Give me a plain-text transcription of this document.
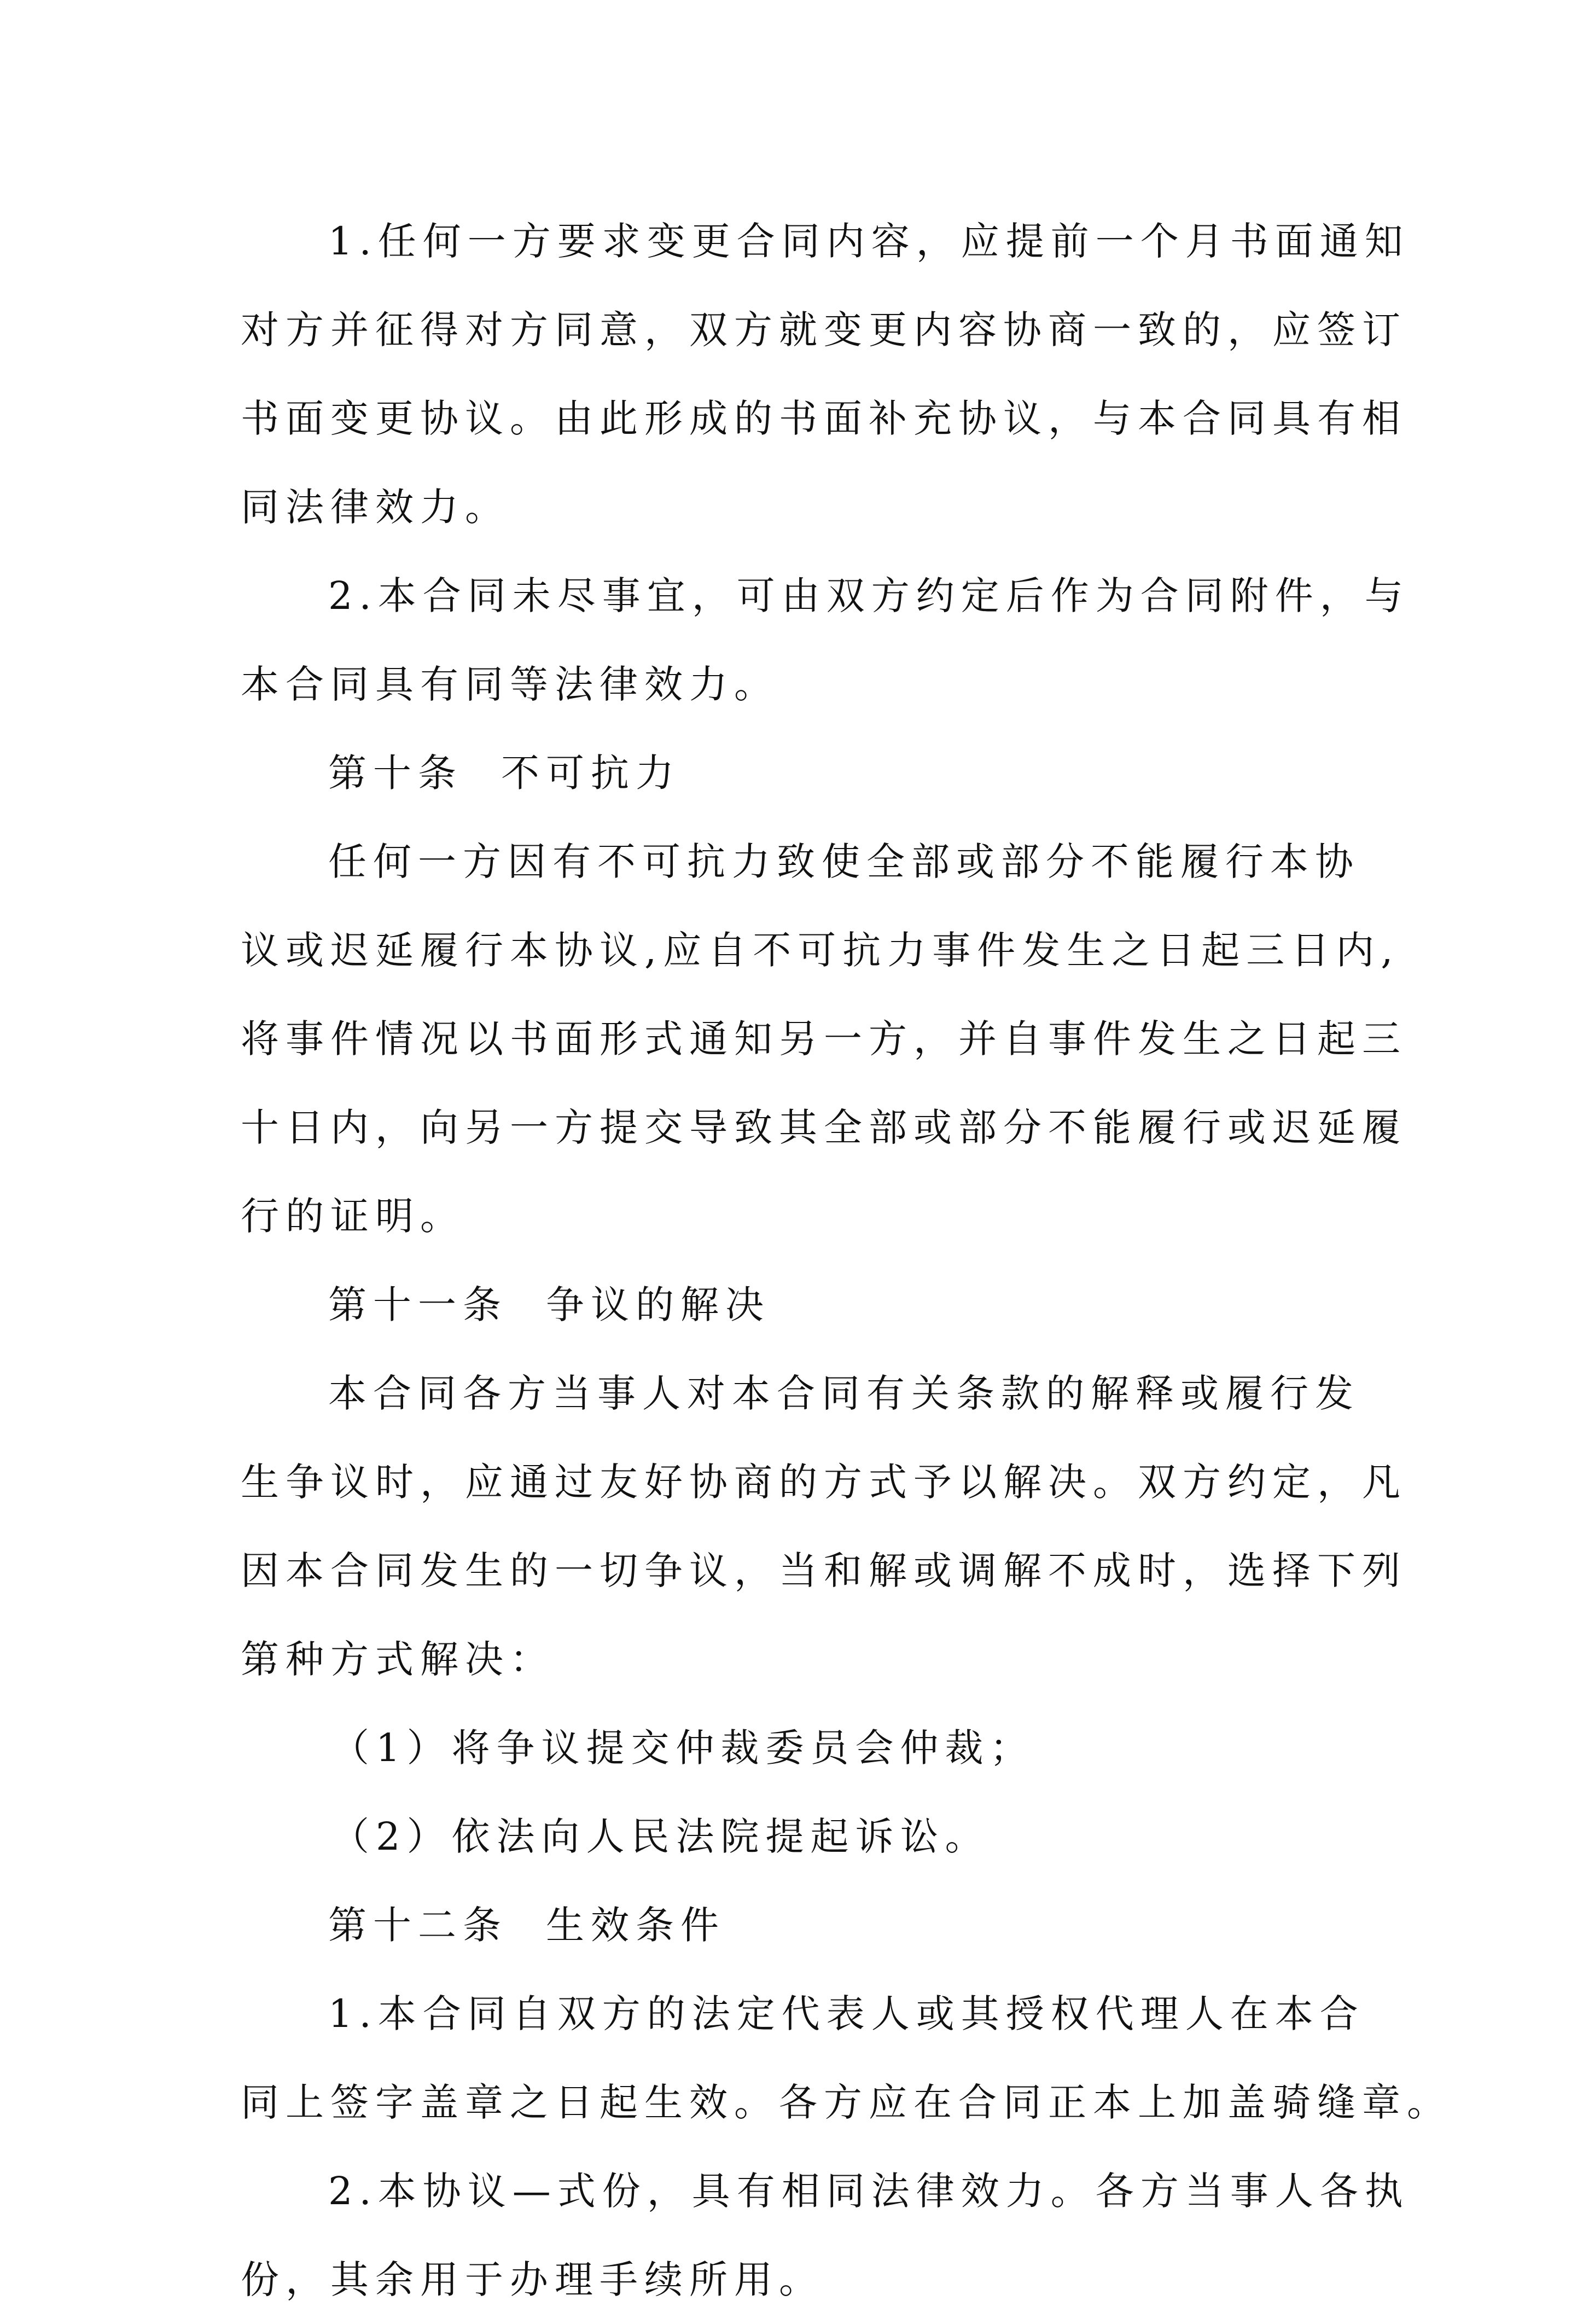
1.任何一方要求变更合同内容，应提前一个月书面通知
对方并征得对方同意，双方就变更内容协商一致的，应签订
书面变更协议。由此形成的书面补充协议，与本合同具有相
同法律效力。
2.本合同未尽事宜，可由双方约定后作为合同附件，与
本合同具有同等法律效力。
第十条 不可抗力
任何一方因有不可抗力致使全部或部分不能履行本协
议或迟延履行本协议,应自不可抗力事件发生之日起三日内,
将事件情况以书面形式通知另一方，并自事件发生之日起三
十日内，向另一方提交导致其全部或部分不能履行或迟延履
行的证明。
第十一条 争议的解决
本合同各方当事人对本合同有关条款的解释或履行发
生争议时，应通过友好协商的方式予以解决。双方约定，凡
因本合同发生的一切争议，当和解或调解不成时，选择下列
第种方式解决：
（1）将争议提交仲裁委员会仲裁；
（2）依法向人民法院提起诉讼。
第十二条 生效条件
1.本合同自双方的法定代表人或其授权代理人在本合
同上签字盖章之日起生效。各方应在合同正本上加盖骑缝章。
2.本协议—式份，具有相同法律效力。各方当事人各执
份，其余用于办理手续所用。
